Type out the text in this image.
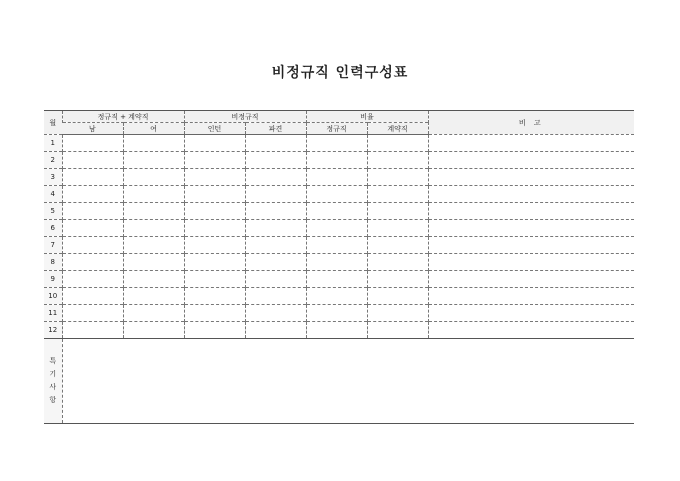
비정규직 인력구성표
월	정규직 + 계약직		비정규직		비율		비 고
	남	여	인턴	파견	정규직	계약직	
1							
2							
3							
4							
5							
6							
7							
8							
9							
10							
11							
12							

특
기
사
항							
